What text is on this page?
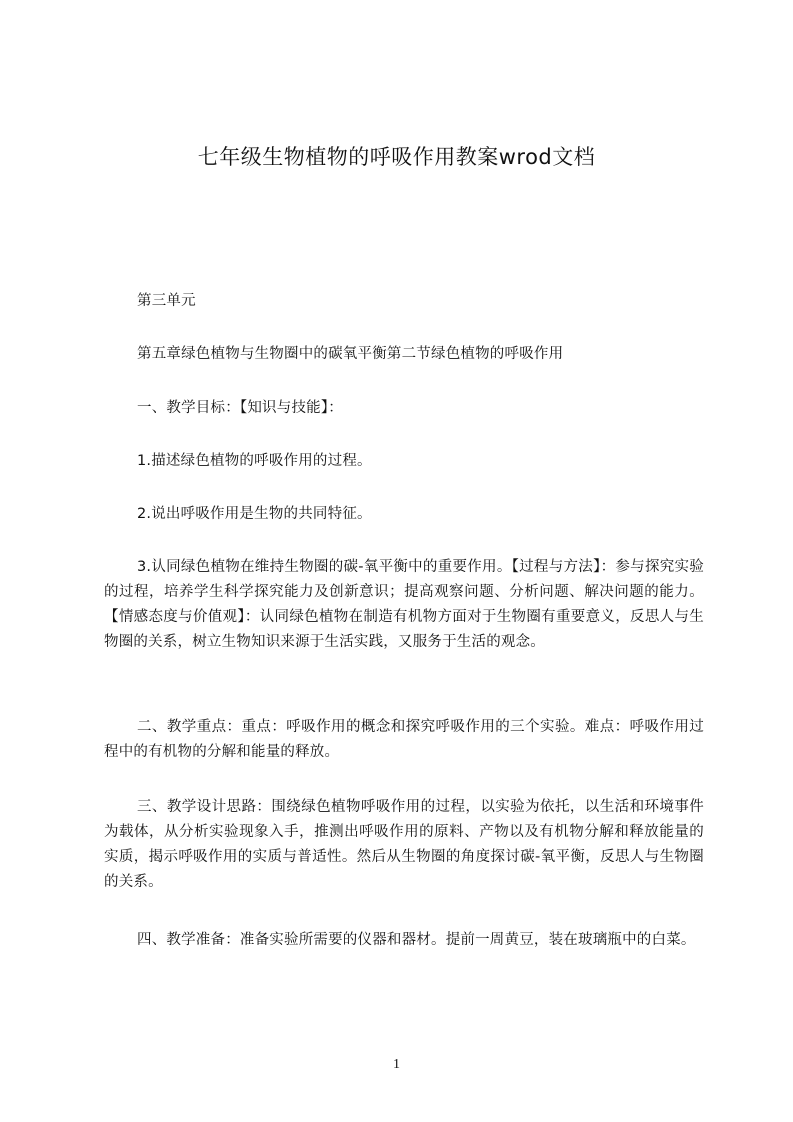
七年级生物植物的呼吸作用教案wrod文档

第三单元

第五章绿色植物与生物圈中的碳氧平衡第二节绿色植物的呼吸作用

一、教学目标：【知识与技能】：

1.描述绿色植物的呼吸作用的过程。

2.说出呼吸作用是生物的共同特征。

3.认同绿色植物在维持生物圈的碳-氧平衡中的重要作用。【过程与方法】：参与探究实验的过程，培养学生科学探究能力及创新意识；提高观察问题、分析问题、解决问题的能力。【情感态度与价值观】：认同绿色植物在制造有机物方面对于生物圈有重要意义，反思人与生物圈的关系，树立生物知识来源于生活实践，又服务于生活的观念。

二、教学重点：重点：呼吸作用的概念和探究呼吸作用的三个实验。难点：呼吸作用过程中的有机物的分解和能量的释放。

三、教学设计思路：围绕绿色植物呼吸作用的过程，以实验为依托，以生活和环境事件为载体，从分析实验现象入手，推测出呼吸作用的原料、产物以及有机物分解和释放能量的实质，揭示呼吸作用的实质与普适性。然后从生物圈的角度探讨碳-氧平衡，反思人与生物圈的关系。

四、教学准备：准备实验所需要的仪器和器材。提前一周黄豆，装在玻璃瓶中的白菜。

1
